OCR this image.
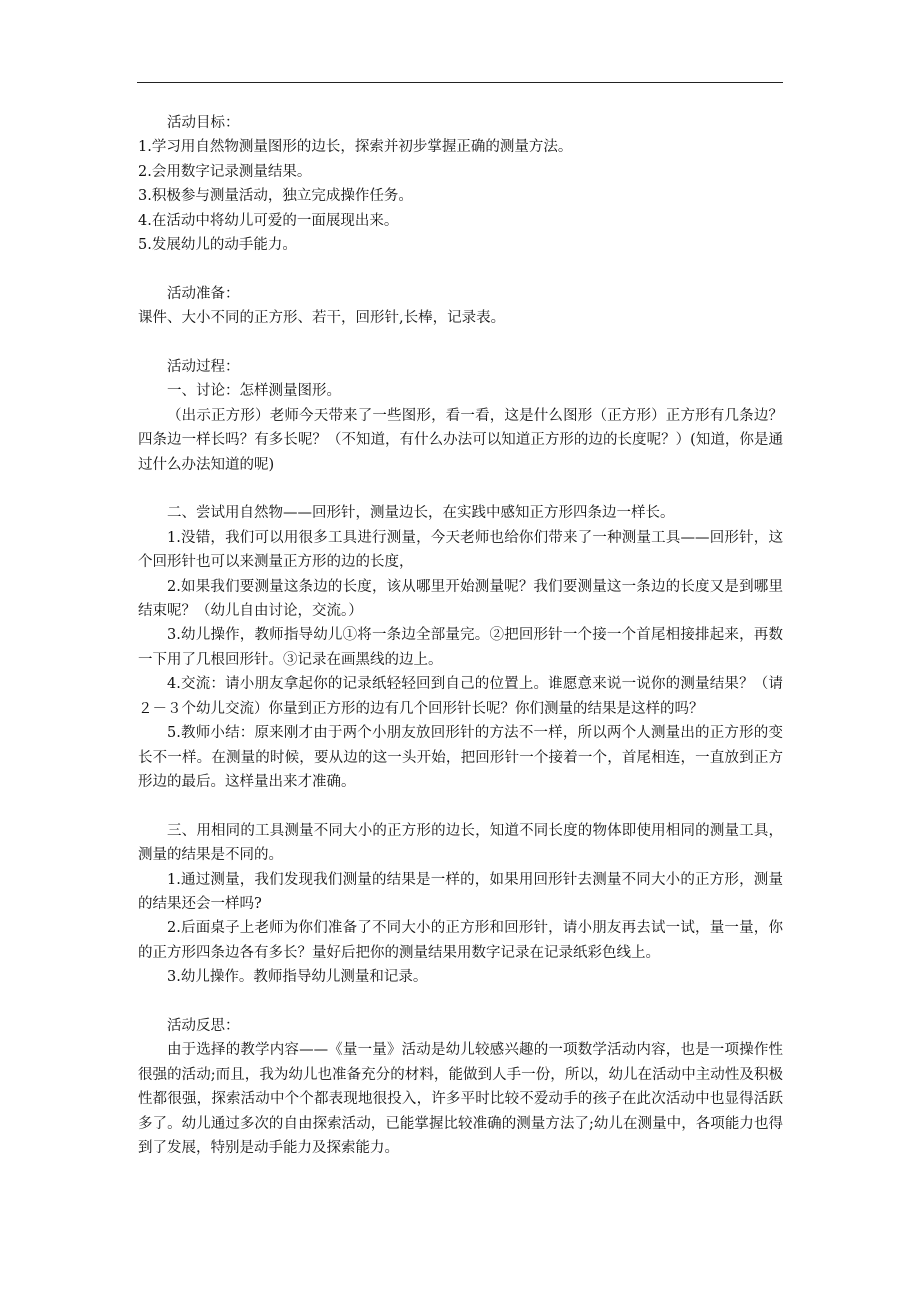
活动目标：

1.学习用自然物测量图形的边长，探索并初步掌握正确的测量方法。

2.会用数字记录测量结果。

3.积极参与测量活动，独立完成操作任务。

4.在活动中将幼儿可爱的一面展现出来。

5.发展幼儿的动手能力。

活动准备：

课件、大小不同的正方形、若干，回形针,长棒，记录表。

活动过程：

一、讨论：怎样测量图形。

（出示正方形）老师今天带来了一些图形，看一看，这是什么图形（正方形）正方形有几条边？四条边一样长吗？有多长呢？（不知道，有什么办法可以知道正方形的边的长度呢？）(知道，你是通过什么办法知道的呢)

二、尝试用自然物——回形针，测量边长，在实践中感知正方形四条边一样长。

1.没错，我们可以用很多工具进行测量，今天老师也给你们带来了一种测量工具——回形针，这个回形针也可以来测量正方形的边的长度，

2.如果我们要测量这条边的长度，该从哪里开始测量呢？我们要测量这一条边的长度又是到哪里结束呢？（幼儿自由讨论，交流。）

3.幼儿操作，教师指导幼儿①将一条边全部量完。②把回形针一个接一个首尾相接排起来，再数一下用了几根回形针。③记录在画黑线的边上。

4.交流：请小朋友拿起你的记录纸轻轻回到自己的位置上。谁愿意来说一说你的测量结果？（请２－３个幼儿交流）你量到正方形的边有几个回形针长呢？你们测量的结果是这样的吗？

5.教师小结：原来刚才由于两个小朋友放回形针的方法不一样，所以两个人测量出的正方形的变长不一样。在测量的时候，要从边的这一头开始，把回形针一个接着一个，首尾相连，一直放到正方形边的最后。这样量出来才准确。

三、用相同的工具测量不同大小的正方形的边长，知道不同长度的物体即使用相同的测量工具，测量的结果是不同的。

1.通过测量，我们发现我们测量的结果是一样的，如果用回形针去测量不同大小的正方形，测量的结果还会一样吗?

2.后面桌子上老师为你们准备了不同大小的正方形和回形针，请小朋友再去试一试，量一量，你的正方形四条边各有多长？量好后把你的测量结果用数字记录在记录纸彩色线上。

3.幼儿操作。教师指导幼儿测量和记录。

活动反思：

由于选择的教学内容——《量一量》活动是幼儿较感兴趣的一项数学活动内容，也是一项操作性很强的活动;而且，我为幼儿也准备充分的材料，能做到人手一份，所以，幼儿在活动中主动性及积极性都很强，探索活动中个个都表现地很投入，许多平时比较不爱动手的孩子在此次活动中也显得活跃多了。幼儿通过多次的自由探索活动，已能掌握比较准确的测量方法了;幼儿在测量中，各项能力也得到了发展，特别是动手能力及探索能力。
